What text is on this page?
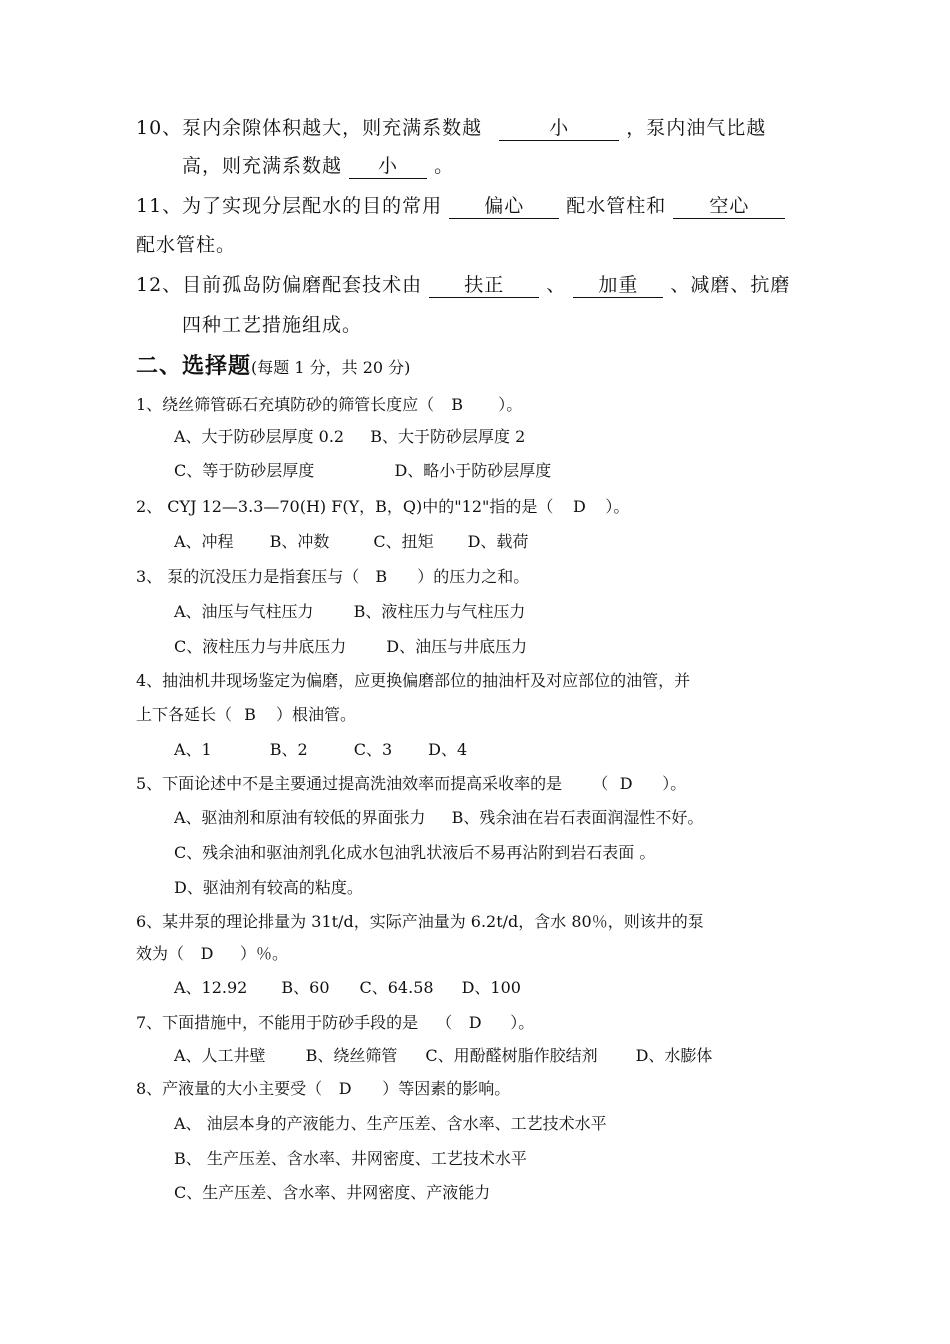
10、泵内余隙体积越大，则充满系数越	小	，泵内油气比越
高，则充满系数越 小 。
11、为了实现分层配水的目的常用 偏心 配水管柱和 空心
配水管柱。
12、目前孤岛防偏磨配套技术由 扶正 、 加重 、减磨、抗磨
四种工艺措施组成。
二、选择题(每题 1 分，共 20 分)
1、绕丝筛管砾石充填防砂的筛管长度应（ B ）。
A、大于防砂层厚度 0.2 B、大于防砂层厚度 2
C、等于防砂层厚度	D、略小于防砂层厚度
2、 CYJ 12—3.3—70(H) F(Y，B，Q)中的"12"指的是（ D ）。
A、冲程 B、冲数	C、扭矩 D、载荷
3、 泵的沉没压力是指套压与（ B ）的压力之和。
A、油压与气柱压力	B、液柱压力与气柱压力
C、液柱压力与井底压力	D、油压与井底压力
4、抽油机井现场鉴定为偏磨，应更换偏磨部位的抽油杆及对应部位的油管，并
上下各延长（ B ）根油管。
A、1	B、2	C、3 D、4
5、下面论述中不是主要通过提高洗油效率而提高采收率的是 （ D ）。
A、驱油剂和原油有较低的界面张力 B、残余油在岩石表面润湿性不好。
C、残余油和驱油剂乳化成水包油乳状液后不易再沾附到岩石表面 。
D、驱油剂有较高的粘度。
6、某井泵的理论排量为 31t/d，实际产油量为 6.2t/d，含水 80％，则该井的泵
效为（ D ）％。
A、12.92 B、60 C、64.58 D、100
7、下面措施中，不能用于防砂手段的是 （ D ）。
A、人工井壁	B、绕丝筛管 C、用酚醛树脂作胶结剂 D、水膨体
8、产液量的大小主要受（ D ）等因素的影响。
A、 油层本身的产液能力、生产压差、含水率、工艺技术水平
B、 生产压差、含水率、井网密度、工艺技术水平
C、生产压差、含水率、井网密度、产液能力
